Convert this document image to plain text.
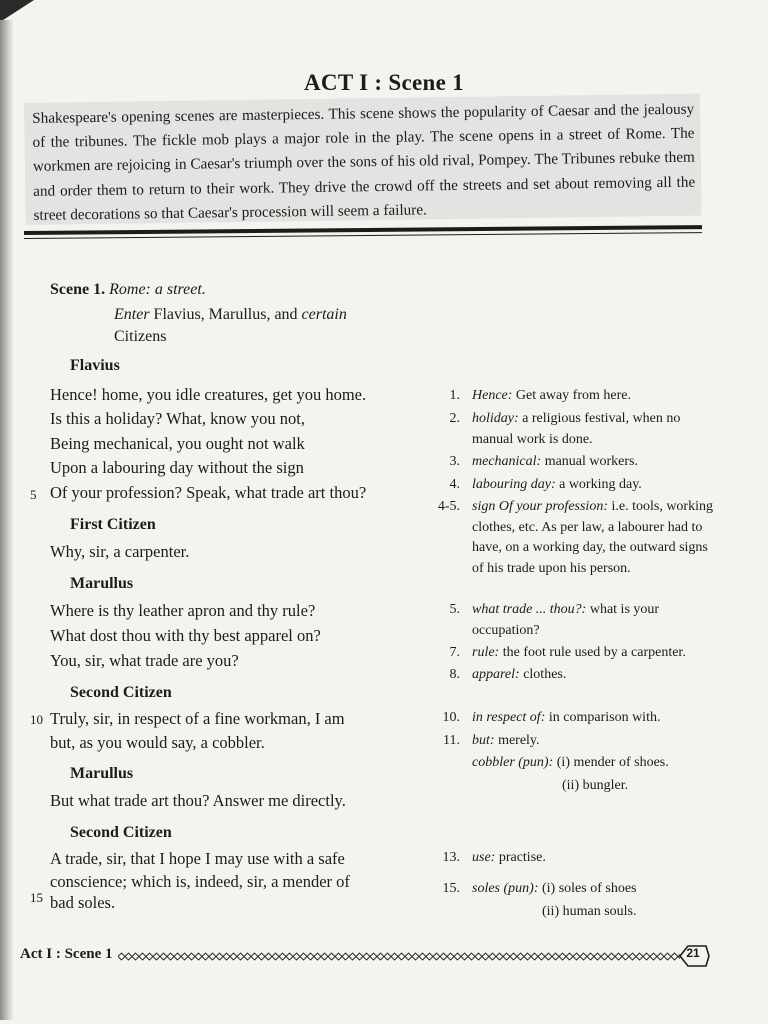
ACT I : Scene 1
Shakespeare's opening scenes are masterpieces. This scene shows the popularity of Caesar and the jealousy of the tribunes. The fickle mob plays a major role in the play. The scene opens in a street of Rome. The workmen are rejoicing in Caesar's triumph over the sons of his old rival, Pompey. The Tribunes rebuke them and order them to return to their work. They drive the crowd off the streets and set about removing all the street decorations so that Caesar's procession will seem a failure.
Scene 1. Rome: a street.
Enter Flavius, Marullus, and certain
Citizens
Flavius
Hence! home, you idle creatures, get you home.
Is this a holiday? What, know you not,
Being mechanical, you ought not walk
Upon a labouring day without the sign
5 Of your profession? Speak, what trade art thou?
First Citizen
Why, sir, a carpenter.
Marullus
Where is thy leather apron and thy rule?
What dost thou with thy best apparel on?
You, sir, what trade are you?
Second Citizen
10 Truly, sir, in respect of a fine workman, I am
but, as you would say, a cobbler.
Marullus
But what trade art thou? Answer me directly.
Second Citizen
A trade, sir, that I hope I may use with a safe
conscience; which is, indeed, sir, a mender of
15 bad soles.
1. Hence: Get away from here.
2. holiday: a religious festival, when no manual work is done.
3. mechanical: manual workers.
4. labouring day: a working day.
4-5. sign Of your profession: i.e. tools, working clothes, etc. As per law, a labourer had to have, on a working day, the outward signs of his trade upon his person.
5. what trade ... thou?: what is your occupation?
7. rule: the foot rule used by a carpenter.
8. apparel: clothes.
10. in respect of: in comparison with.
11. but: merely.
cobbler (pun): (i) mender of shoes.
(ii) bungler.
13. use: practise.
15. soles (pun): (i) soles of shoes
(ii) human souls.
Act I : Scene 1	21
